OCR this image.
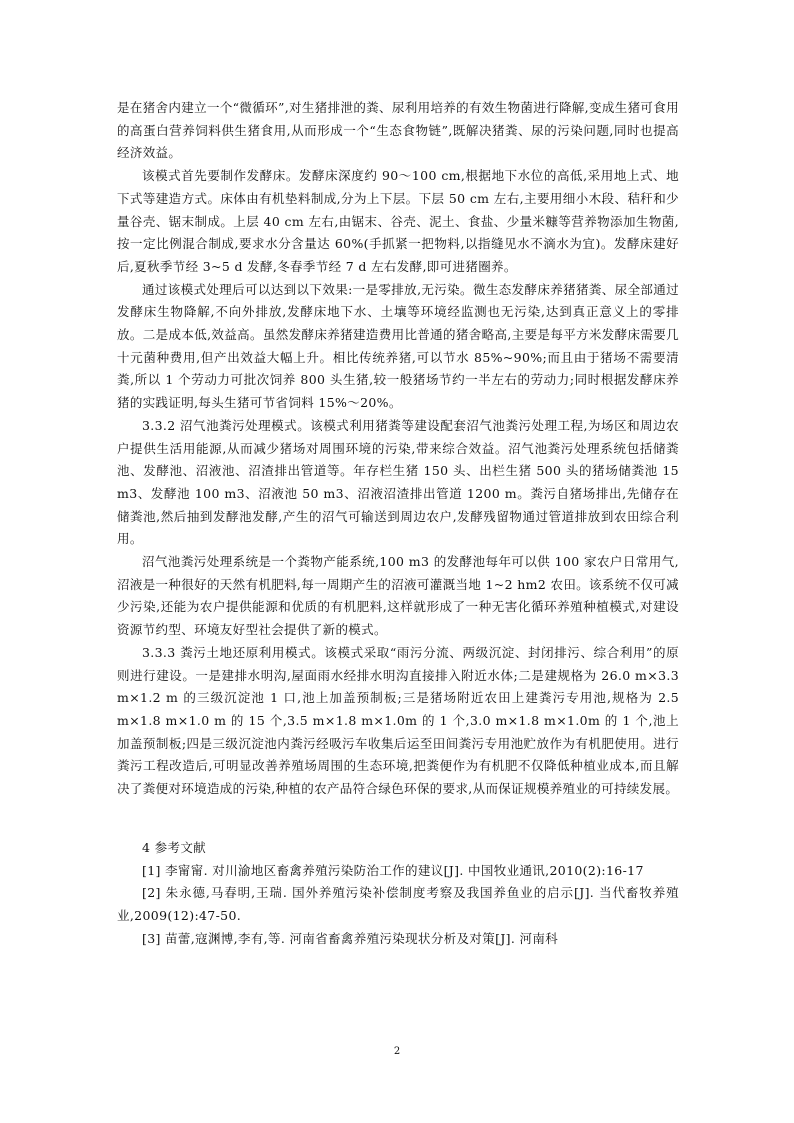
是在猪舍内建立一个“微循环”,对生猪排泄的粪、尿利用培养的有效生物菌进行降解,变成生猪可食用的高蛋白营养饲料供生猪食用,从而形成一个“生态食物链”,既解决猪粪、尿的污染问题,同时也提高经济效益。

该模式首先要制作发酵床。发酵床深度约 90～100 cm,根据地下水位的高低,采用地上式、地下式等建造方式。床体由有机垫料制成,分为上下层。下层 50 cm 左右,主要用细小木段、秸秆和少量谷壳、锯末制成。上层 40 cm 左右,由锯末、谷壳、泥土、食盐、少量米糠等营养物添加生物菌,按一定比例混合制成,要求水分含量达 60%(手抓紧一把物料,以指缝见水不滴水为宜)。发酵床建好后,夏秋季节经 3~5 d 发酵,冬春季节经 7 d 左右发酵,即可进猪圈养。

通过该模式处理后可以达到以下效果:一是零排放,无污染。微生态发酵床养猪猪粪、尿全部通过发酵床生物降解,不向外排放,发酵床地下水、土壤等环境经监测也无污染,达到真正意义上的零排放。二是成本低,效益高。虽然发酵床养猪建造费用比普通的猪舍略高,主要是每平方米发酵床需要几十元菌种费用,但产出效益大幅上升。相比传统养猪,可以节水 85%~90%;而且由于猪场不需要清粪,所以 1 个劳动力可批次饲养 800 头生猪,较一般猪场节约一半左右的劳动力;同时根据发酵床养猪的实践证明,每头生猪可节省饲料 15%～20%。

3.3.2 沼气池粪污处理模式。该模式利用猪粪等建设配套沼气池粪污处理工程,为场区和周边农户提供生活用能源,从而减少猪场对周围环境的污染,带来综合效益。沼气池粪污处理系统包括储粪池、发酵池、沼液池、沼渣排出管道等。年存栏生猪 150 头、出栏生猪 500 头的猪场储粪池 15 m3、发酵池 100 m3、沼液池 50 m3、沼液沼渣排出管道 1200 m。粪污自猪场排出,先储存在储粪池,然后抽到发酵池发酵,产生的沼气可输送到周边农户,发酵残留物通过管道排放到农田综合利用。

沼气池粪污处理系统是一个粪物产能系统,100 m3 的发酵池每年可以供 100 家农户日常用气,沼液是一种很好的天然有机肥料,每一周期产生的沼液可灌溉当地 1~2 hm2 农田。该系统不仅可减少污染,还能为农户提供能源和优质的有机肥料,这样就形成了一种无害化循环养殖种植模式,对建设资源节约型、环境友好型社会提供了新的模式。

3.3.3 粪污土地还原利用模式。该模式采取“雨污分流、两级沉淀、封闭排污、综合利用”的原则进行建设。一是建排水明沟,屋面雨水经排水明沟直接排入附近水体;二是建规格为 26.0 m×3.3 m×1.2 m 的三级沉淀池 1 口,池上加盖预制板;三是猪场附近农田上建粪污专用池,规格为 2.5 m×1.8 m×1.0 m 的 15 个,3.5 m×1.8 m×1.0m 的 1 个,3.0 m×1.8 m×1.0m 的 1 个,池上加盖预制板;四是三级沉淀池内粪污经吸污车收集后运至田间粪污专用池贮放作为有机肥使用。进行粪污工程改造后,可明显改善养殖场周围的生态环境,把粪便作为有机肥不仅降低种植业成本,而且解决了粪便对环境造成的污染,种植的农产品符合绿色环保的要求,从而保证规模养殖业的可持续发展。

4 参考文献

[1] 李甯甯. 对川渝地区畜禽养殖污染防治工作的建议[J]. 中国牧业通讯,2010(2):16-17

[2] 朱永德,马春明,王瑞. 国外养殖污染补偿制度考察及我国养鱼业的启示[J]. 当代畜牧养殖业,2009(12):47-50.

[3] 苗蕾,寇渊博,李有,等. 河南省畜禽养殖污染现状分析及对策[J]. 河南科

2
